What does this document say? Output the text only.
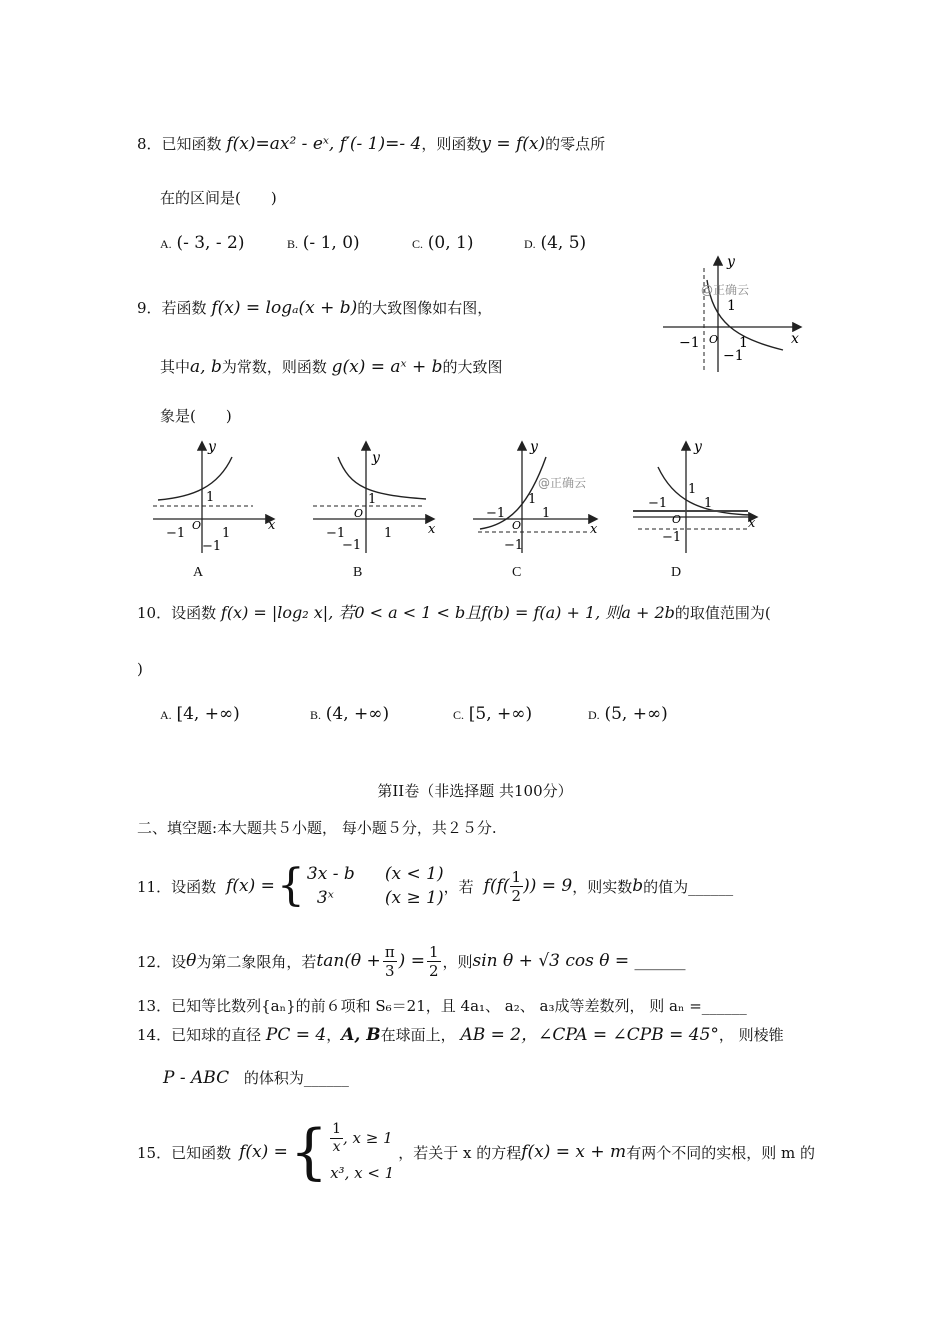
8．已知函数 f(x)=ax² - eˣ, f′(- 1)=- 4，则函数y = f(x)的零点所
在的区间是(　　)
A. (- 3, - 2)	B. (- 1, 0)	C. (0, 1)	D. (4, 5)
9．若函数 f(x) = logₐ(x + b)的大致图像如右图，
其中a, b为常数，则函数 g(x) = aˣ + b的大致图
象是(　　)
x
y
O
−1
1
1
−1
@正确云
y
x
O
1
−1	1
−1
y
x
O
1
−1	1
−1
y
x
O
1
−1	1
−1
@正确云
y
x
O
1
−1	1
−1
A	B	C	D
10．设函数 f(x) = |log₂ x|, 若0 < a < 1 < b且f(b) = f(a) + 1, 则a + 2b的取值范围为(
)
A. [4, +∞)	B. (4, +∞)	C. [5, +∞)	D. (5, +∞)
第II卷（非选择题 共100分）
二、填空题:本大题共５小题， 每小题５分，共２５分.
11． 设函数 f(x) = { 3x - b (x < 1)
3ˣ	(x ≥ 1)
，若 $f(f( \frac{1}{2}$ )) = 9 ，则实数 b 的值为______
12． 设 θ 为第二象限角，若 $\tan(\theta + \frac{\pi}{3}$ ) = $\frac{1}{2}$ ，则 sin θ + √3 cos θ = ______
13．已知等比数列{aₙ}的前６项和 S₆＝21，且 4a₁、 a₂、 a₃成等差数列， 则 aₙ =______
14．已知球的直径 PC = 4，A, B在球面上， AB = 2，∠CPA = ∠CPB = 45°， 则棱锥
P - ABC 的体积为______
15． 已知函数 f(x) = { $\frac{1}{x}$ , x ≥ 1
x³, x < 1
，若关于 x 的方程 f(x) = x + m 有两个不同的实根，则 m 的
